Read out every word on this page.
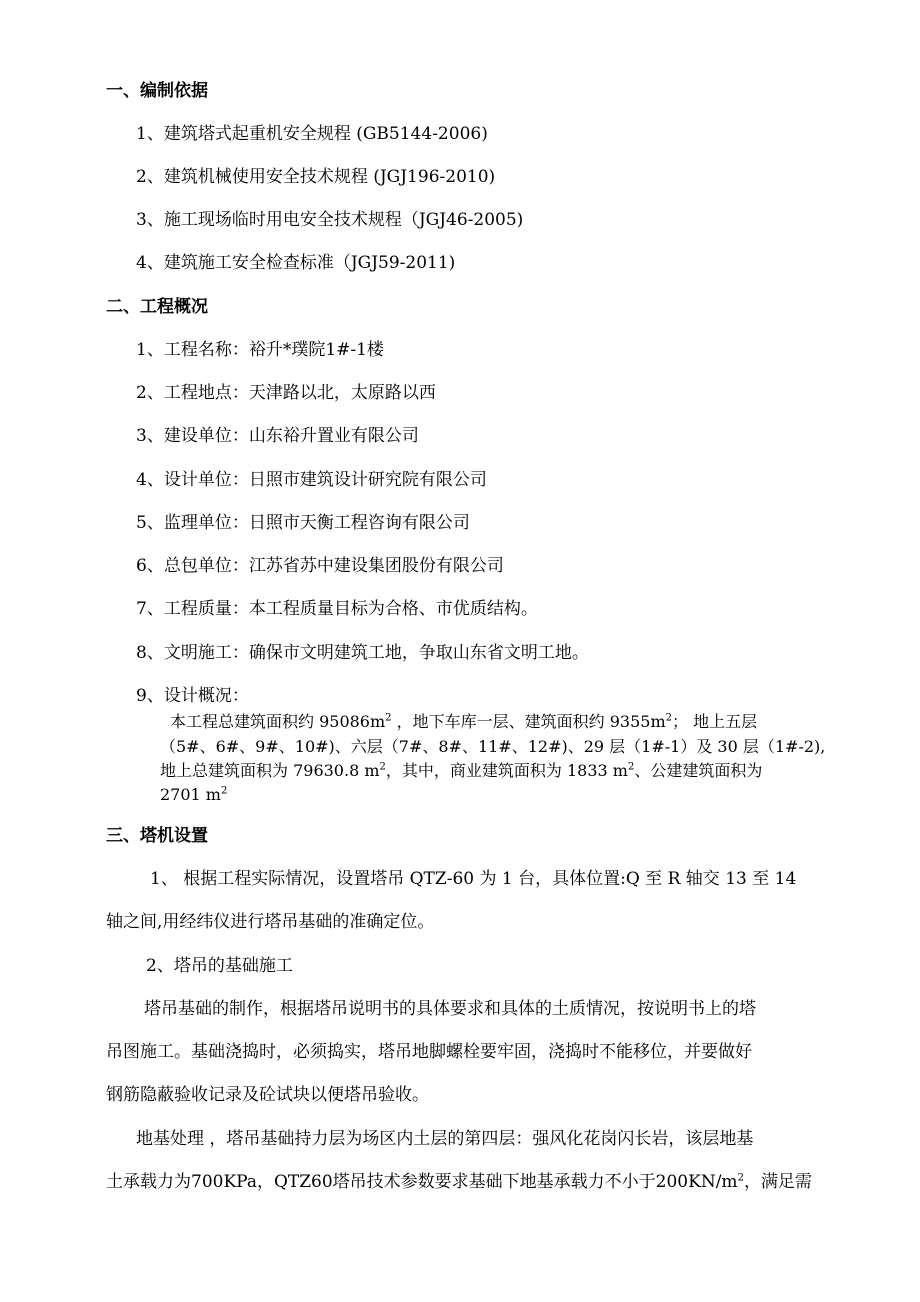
一、编制依据
1、建筑塔式起重机安全规程 (GB5144-2006)
2、建筑机械使用安全技术规程 (JGJ196-2010)
3、施工现场临时用电安全技术规程（JGJ46-2005)
4、建筑施工安全检查标准（JGJ59-2011)
二、工程概况
1、工程名称：裕升*璞院1#-1楼
2、工程地点：天津路以北，太原路以西
3、建设单位：山东裕升置业有限公司
4、设计单位：日照市建筑设计研究院有限公司
5、监理单位：日照市天衡工程咨询有限公司
6、总包单位：江苏省苏中建设集团股份有限公司
7、工程质量：本工程质量目标为合格、市优质结构。
8、文明施工：确保市文明建筑工地，争取山东省文明工地。
9、设计概况：
本工程总建筑面积约 $95086m^2$ ，地下车库一层、建筑面积约 $9355m^2$； 地上五层
（5#、6#、9#、10#)、六层（7#、8#、11#、12#)、29 层（1#-1）及 30 层（1#-2),
地上总建筑面积为 79630.8 $m^2$，其中，商业建筑面积为 1833 $m^2$、公建建筑面积为
2701 $m^2$
三、塔机设置
1、 根据工程实际情况，设置塔吊 QTZ-60 为 1 台，具体位置:Q 至 R 轴交 13 至 14
轴之间,用经纬仪进行塔吊基础的准确定位。
2、塔吊的基础施工
塔吊基础的制作，根据塔吊说明书的具体要求和具体的土质情况，按说明书上的塔
吊图施工。基础浇捣时，必须捣实，塔吊地脚螺栓要牢固，浇捣时不能移位，并要做好
钢筋隐蔽验收记录及砼试块以便塔吊验收。
地基处理 ，塔吊基础持力层为场区内土层的第四层：强风化花岗闪长岩，该层地基
土承载力为700KPa，QTZ60塔吊技术参数要求基础下地基承载力不小于$200KN/m^2$，满足需
